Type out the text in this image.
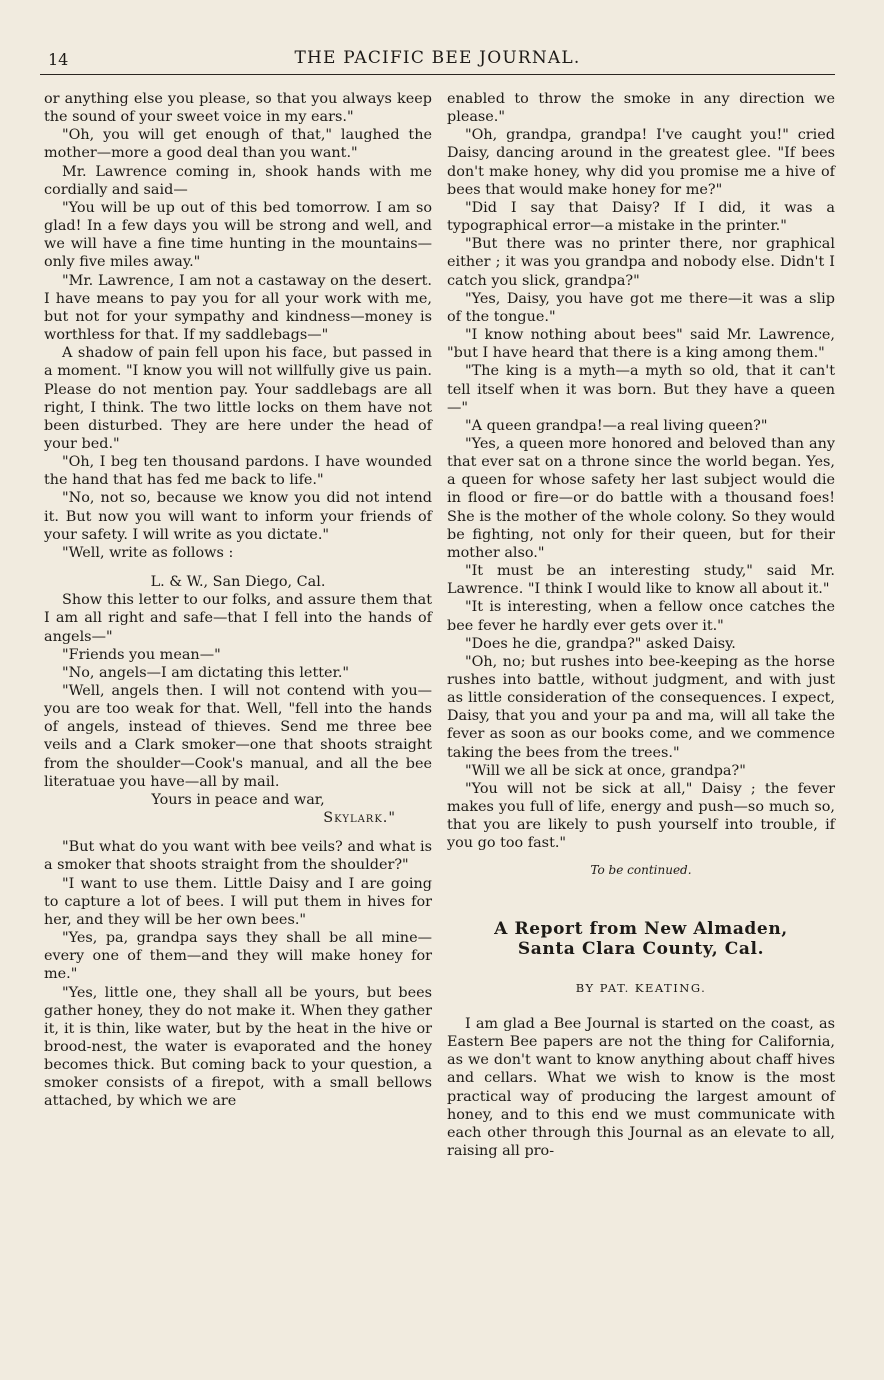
14	THE PACIFIC BEE JOURNAL.

or anything else you please, so that you always keep the sound of your sweet voice in my ears."

"Oh, you will get enough of that," laughed the mother—more a good deal than you want."

Mr. Lawrence coming in, shook hands with me cordially and said—

"You will be up out of this bed tomorrow. I am so glad! In a few days you will be strong and well, and we will have a fine time hunting in the mountains—only five miles away."

"Mr. Lawrence, I am not a castaway on the desert. I have means to pay you for all your work with me, but not for your sympathy and kindness—money is worthless for that. If my saddlebags—"

A shadow of pain fell upon his face, but passed in a moment. "I know you will not willfully give us pain. Please do not mention pay. Your saddlebags are all right, I think. The two little locks on them have not been disturbed. They are here under the head of your bed."

"Oh, I beg ten thousand pardons. I have wounded the hand that has fed me back to life."

"No, not so, because we know you did not intend it. But now you will want to inform your friends of your safety. I will write as you dictate."

"Well, write as follows :

L. & W., San Diego, Cal.

Show this letter to our folks, and assure them that I am all right and safe—that I fell into the hands of angels—"

"Friends you mean—"

"No, angels—I am dictating this letter."

"Well, angels then. I will not contend with you—you are too weak for that. Well, "fell into the hands of angels, instead of thieves. Send me three bee veils and a Clark smoker—one that shoots straight from the shoulder—Cook's manual, and all the bee literatuae you have—all by mail.

Yours in peace and war,

Skylark."

"But what do you want with bee veils? and what is a smoker that shoots straight from the shoulder?"

"I want to use them. Little Daisy and I are going to capture a lot of bees. I will put them in hives for her, and they will be her own bees."

"Yes, pa, grandpa says they shall be all mine—every one of them—and they will make honey for me."

"Yes, little one, they shall all be yours, but bees gather honey, they do not make it. When they gather it, it is thin, like water, but by the heat in the hive or brood-nest, the water is evaporated and the honey becomes thick. But coming back to your question, a smoker consists of a firepot, with a small bellows attached, by which we are

enabled to throw the smoke in any direction we please."

"Oh, grandpa, grandpa! I've caught you!" cried Daisy, dancing around in the greatest glee. "If bees don't make honey, why did you promise me a hive of bees that would make honey for me?"

"Did I say that Daisy? If I did, it was a typographical error—a mistake in the printer."

"But there was no printer there, nor graphical either ; it was you grandpa and nobody else. Didn't I catch you slick, grandpa?"

"Yes, Daisy, you have got me there—it was a slip of the tongue."

"I know nothing about bees" said Mr. Lawrence, "but I have heard that there is a king among them."

"The king is a myth—a myth so old, that it can't tell itself when it was born. But they have a queen—"

"A queen grandpa!—a real living queen?"

"Yes, a queen more honored and beloved than any that ever sat on a throne since the world began. Yes, a queen for whose safety her last subject would die in flood or fire—or do battle with a thousand foes! She is the mother of the whole colony. So they would be fighting, not only for their queen, but for their mother also."

"It must be an interesting study," said Mr. Lawrence. "I think I would like to know all about it."

"It is interesting, when a fellow once catches the bee fever he hardly ever gets over it."

"Does he die, grandpa?" asked Daisy.

"Oh, no; but rushes into bee-keeping as the horse rushes into battle, without judgment, and with just as little consideration of the consequences. I expect, Daisy, that you and your pa and ma, will all take the fever as soon as our books come, and we commence taking the bees from the trees."

"Will we all be sick at once, grandpa?"

"You will not be sick at all," Daisy ; the fever makes you full of life, energy and push—so much so, that you are likely to push yourself into trouble, if you go too fast."

To be continued.

A Report from New Almaden,
Santa Clara County, Cal.

BY PAT. KEATING.

I am glad a Bee Journal is started on the coast, as Eastern Bee papers are not the thing for California, as we don't want to know anything about chaff hives and cellars. What we wish to know is the most practical way of producing the largest amount of honey, and to this end we must communicate with each other through this Journal as an elevate to all, raising all pro-
